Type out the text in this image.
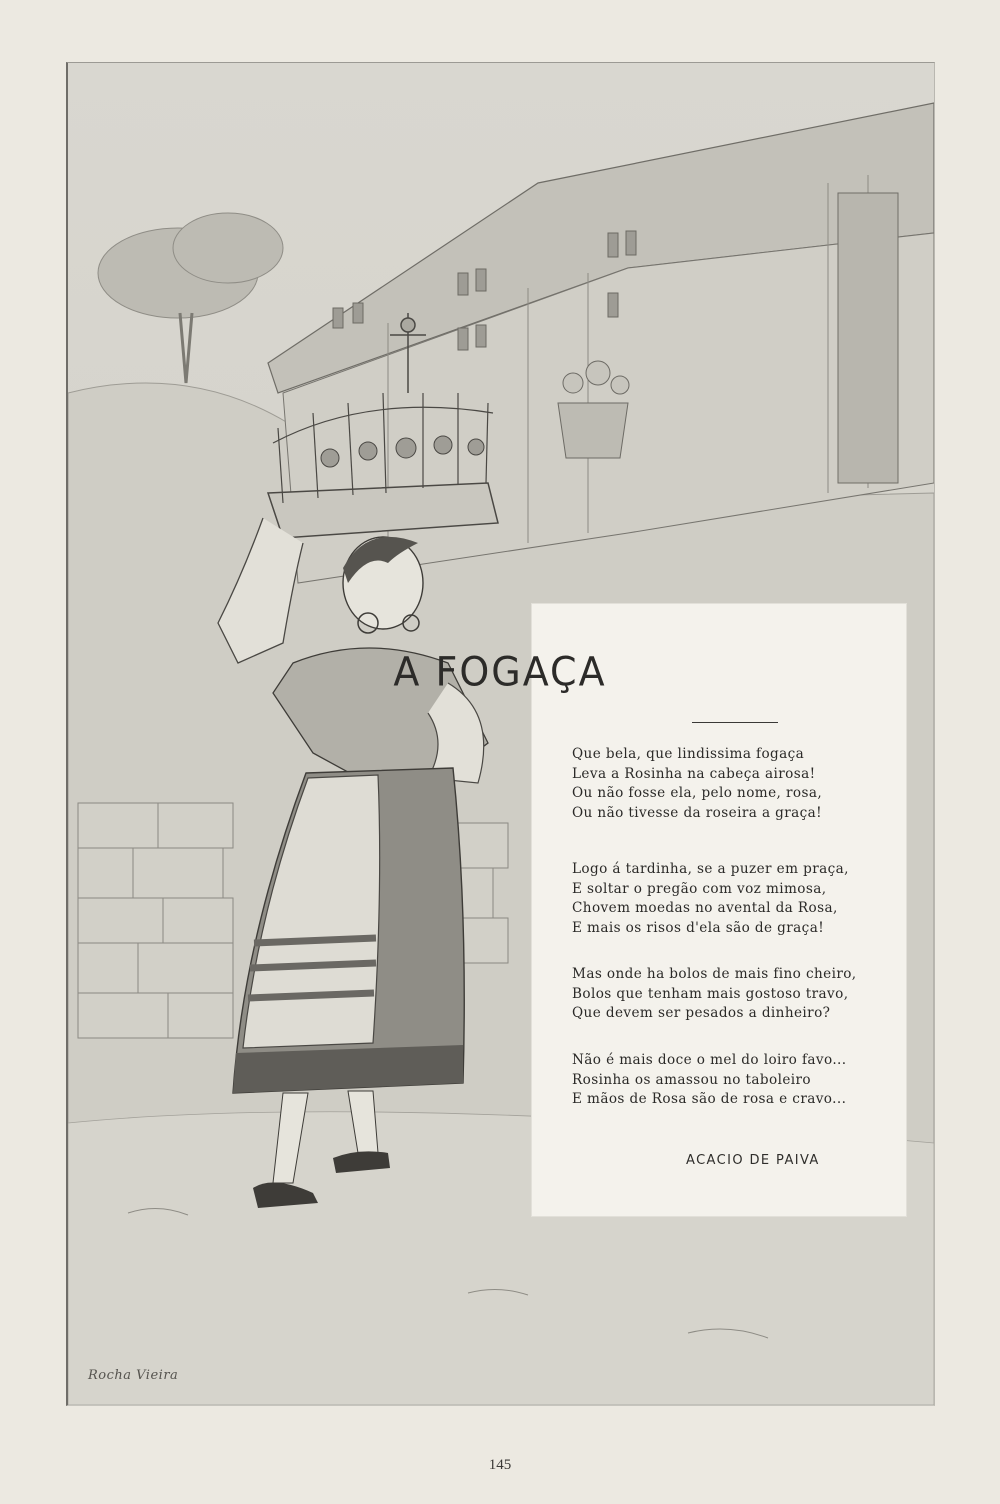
Rocha Vieira
A FOGAÇA
Que bela, que lindissima fogaça
Leva a Rosinha na cabeça airosa!
Ou não fosse ela, pelo nome, rosa,
Ou não tivesse da roseira a graça!
Logo á tardinha, se a puzer em praça,
E soltar o pregão com voz mimosa,
Chovem moedas no avental da Rosa,
E mais os risos d'ela são de graça!
Mas onde ha bolos de mais fino cheiro,
Bolos que tenham mais gostoso travo,
Que devem ser pesados a dinheiro?
Não é mais doce o mel do loiro favo...
Rosinha os amassou no taboleiro
E mãos de Rosa são de rosa e cravo...
ACACIO DE PAIVA
145
